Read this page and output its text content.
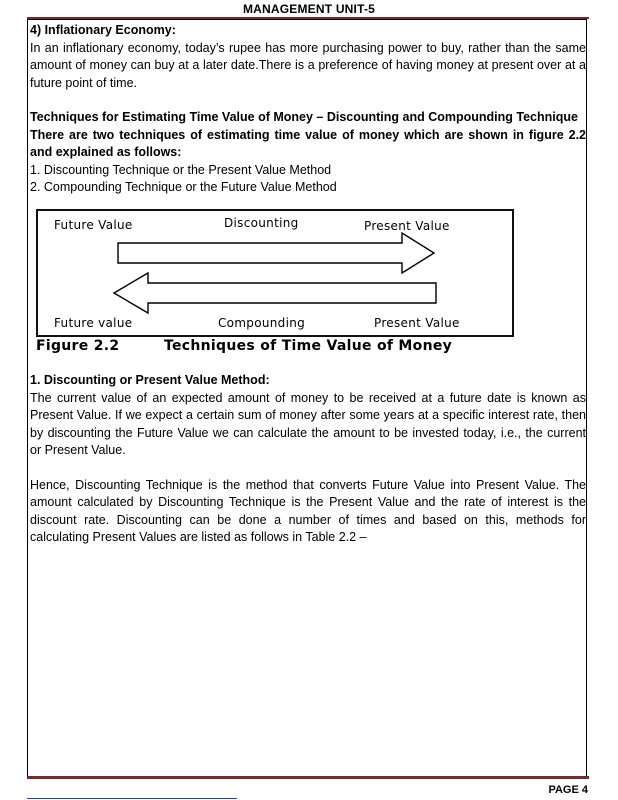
MANAGEMENT UNIT-5

4) Inflationary Economy:

In an inflationary economy, today’s rupee has more purchasing power to buy, rather than the same amount of money can buy at a later date.There is a preference of having money at present over at a future point of time.

Techniques for Estimating Time Value of Money – Discounting and Compounding Technique

There are two techniques of estimating time value of money which are shown in figure 2.2 and explained as follows:

1. Discounting Technique or the Present Value Method

2. Compounding Technique or the Future Value Method

Future Value	Discounting	Present Value
Future value	Compounding	Present Value
Figure 2.2	Techniques of Time Value of Money

1. Discounting or Present Value Method:

The current value of an expected amount of money to be received at a future date is known as Present Value. If we expect a certain sum of money after some years at a specific interest rate, then by discounting the Future Value we can calculate the amount to be invested today, i.e., the current or Present Value.

Hence, Discounting Technique is the method that converts Future Value into Present Value. The amount calculated by Discounting Technique is the Present Value and the rate of interest is the discount rate. Discounting can be done a number of times and based on this, methods for calculating Present Values are listed as follows in Table 2.2 –

PAGE 4
